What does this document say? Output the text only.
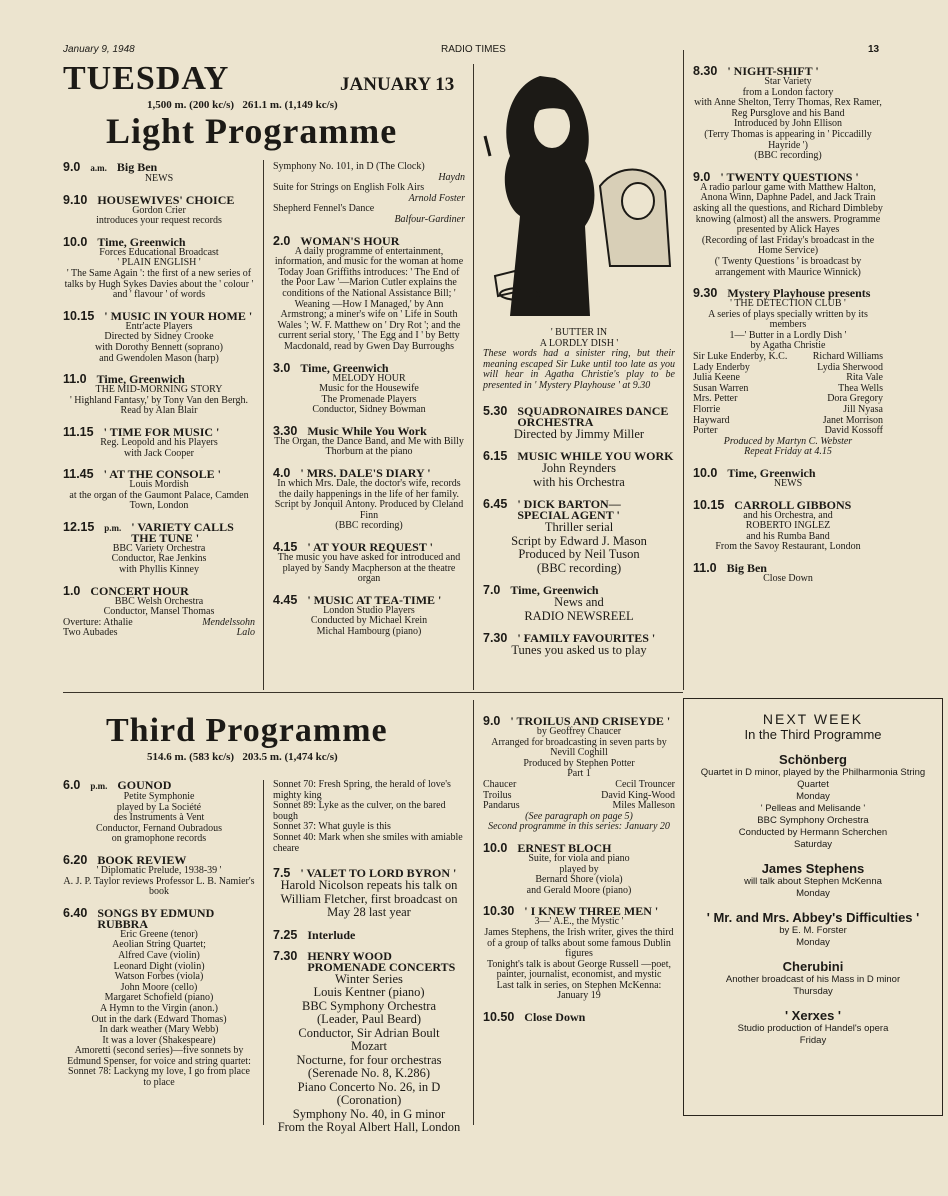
January 9, 1948	RADIO TIMES	13
TUESDAY	JANUARY 13
1,500 m. (200 kc/s)   261.1 m. (1,149 kc/s)
Light Programme
9.0 a.m. Big Ben
NEWS
9.10 HOUSEWIVES' CHOICE
Gordon Crier
introduces your request records
10.0 Time, Greenwich
Forces Educational Broadcast
' PLAIN ENGLISH '
' The Same Again ': the first of a new series of talks by Hugh Sykes Davies about the ' colour ' and ' flavour ' of words
10.15 ' MUSIC IN YOUR HOME '
Entr'acte Players
Directed by Sidney Crooke
with Dorothy Bennett (soprano)
and Gwendolen Mason (harp)
11.0 Time, Greenwich
THE MID-MORNING STORY
' Highland Fantasy,' by Tony Van den Bergh. Read by Alan Blair
11.15 ' TIME FOR MUSIC '
Reg. Leopold and his Players
with Jack Cooper
11.45 ' AT THE CONSOLE '
Louis Mordish
at the organ of the Gaumont Palace, Camden Town, London
12.15 p.m. ' VARIETY CALLS THE TUNE '
BBC Variety Orchestra
Conductor, Rae Jenkins
with Phyllis Kinney
1.0 CONCERT HOUR
BBC Welsh Orchestra
Conductor, Mansel Thomas
Overture: Athalie	Mendelssohn
Two Aubades	Lalo
Symphony No. 101, in D (The Clock)
Haydn
Suite for Strings on English Folk Airs
Arnold Foster
Shepherd Fennel's Dance
Balfour-Gardiner
2.0 WOMAN'S HOUR
A daily programme of entertainment, information, and music for the woman at home
Today Joan Griffiths introduces: ' The End of the Poor Law '—Marion Cutler explains the conditions of the National Assistance Bill; ' Weaning —How I Managed,' by Ann Armstrong; a miner's wife on ' Life in South Wales '; W. F. Matthew on ' Dry Rot '; and the current serial story, ' The Egg and I ' by Betty Macdonald, read by Gwen Day Burroughs
3.0 Time, Greenwich
MELODY HOUR
Music for the Housewife
The Promenade Players
Conductor, Sidney Bowman
3.30 Music While You Work
The Organ, the Dance Band, and Me with Billy Thorburn at the piano
4.0 ' MRS. DALE'S DIARY '
In which Mrs. Dale, the doctor's wife, records the daily happenings in the life of her family. Script by Jonquil Antony. Produced by Cleland Finn
(BBC recording)
4.15 ' AT YOUR REQUEST '
The music you have asked for introduced and played by Sandy Macpherson at the theatre organ
4.45 ' MUSIC AT TEA-TIME '
London Studio Players
Conducted by Michael Krein
Michal Hambourg (piano)
' BUTTER IN
A LORDLY DISH '
These words had a sinister ring, but their meaning escaped Sir Luke until too late as you will hear in Agatha Christie's play to be presented in ' Mystery Playhouse ' at 9.30
5.30 SQUADRONAIRES DANCE ORCHESTRA
Directed by Jimmy Miller
6.15 MUSIC WHILE YOU WORK
John Reynders
with his Orchestra
6.45 ' DICK BARTON— SPECIAL AGENT '
Thriller serial
Script by Edward J. Mason
Produced by Neil Tuson
(BBC recording)
7.0 Time, Greenwich
News and
RADIO NEWSREEL
7.30 ' FAMILY FAVOURITES '
Tunes you asked us to play
8.30 ' NIGHT-SHIFT '
Star Variety
from a London factory
with Anne Shelton, Terry Thomas, Rex Ramer, Reg Pursglove and his Band
Introduced by John Ellison
(Terry Thomas is appearing in ' Piccadilly Hayride ')
(BBC recording)
9.0 ' TWENTY QUESTIONS '
A radio parlour game with Matthew Halton, Anona Winn, Daphne Padel, and Jack Train asking all the questions, and Richard Dimbleby knowing (almost) all the answers. Programme presented by Alick Hayes
(Recording of last Friday's broadcast in the Home Service)
(' Twenty Questions ' is broadcast by arrangement with Maurice Winnick)
9.30 Mystery Playhouse presents
' THE DETECTION CLUB '
A series of plays specially written by its members
1—' Butter in a Lordly Dish '
by Agatha Christie
Sir Luke Enderby, K.C.	Richard Williams
Lady Enderby	Lydia Sherwood
Julia Keene	Rita Vale
Susan Warren	Thea Wells
Mrs. Petter	Dora Gregory
Florrie	Jill Nyasa
Hayward	Janet Morrison
Porter	David Kossoff
Produced by Martyn C. Webster
Repeat Friday at 4.15
10.0 Time, Greenwich
NEWS
10.15 CARROLL GIBBONS
and his Orchestra, and
ROBERTO INGLEZ
and his Rumba Band
From the Savoy Restaurant, London
11.0 Big Ben
Close Down
Third Programme
514.6 m. (583 kc/s)   203.5 m. (1,474 kc/s)
6.0 p.m. GOUNOD
Petite Symphonie
played by La Société
des Instruments à Vent
Conductor, Fernand Oubradous
on gramophone records
6.20 BOOK REVIEW
' Diplomatic Prelude, 1938-39 '
A. J. P. Taylor reviews Professor L. B. Namier's book
6.40 SONGS BY EDMUND RUBBRA
Eric Greene (tenor)
Aeolian String Quartet;
Alfred Cave (violin)
Leonard Dight (violin)
Watson Forbes (viola)
John Moore (cello)
Margaret Schofield (piano)
A Hymn to the Virgin (anon.)
Out in the dark (Edward Thomas)
In dark weather (Mary Webb)
It was a lover (Shakespeare)
Amoretti (second series)—five sonnets by Edmund Spenser, for voice and string quartet:
Sonnet 78: Lackyng my love, I go from place to place
Sonnet 70: Fresh Spring, the herald of love's mighty king
Sonnet 89: Lyke as the culver, on the bared bough
Sonnet 37: What guyle is this
Sonnet 40: Mark when she smiles with amiable cheare
7.5 ' VALET TO LORD BYRON '
Harold Nicolson repeats his talk on William Fletcher, first broadcast on May 28 last year
7.25 Interlude
7.30 HENRY WOOD PROMENADE CONCERTS
Winter Series
Louis Kentner (piano)
BBC Symphony Orchestra
(Leader, Paul Beard)
Conductor, Sir Adrian Boult
Mozart
Nocturne, for four orchestras (Serenade No. 8, K.286)
Piano Concerto No. 26, in D (Coronation)
Symphony No. 40, in G minor
From the Royal Albert Hall, London
9.0 ' TROILUS AND CRISEYDE '
by Geoffrey Chaucer
Arranged for broadcasting in seven parts by Nevill Coghill
Produced by Stephen Potter
Part 1
Chaucer	Cecil Trouncer
Troilus	David King-Wood
Pandarus	Miles Malleson
(See paragraph on page 5)
Second programme in this series: January 20
10.0 ERNEST BLOCH
Suite, for viola and piano
played by
Bernard Shore (viola)
and Gerald Moore (piano)
10.30 ' I KNEW THREE MEN '
3—' A.E., the Mystic '
James Stephens, the Irish writer, gives the third of a group of talks about some famous Dublin figures
Tonight's talk is about George Russell —poet, painter, journalist, economist, and mystic
Last talk in series, on Stephen McKenna: January 19
10.50 Close Down
NEXT WEEK
In the Third Programme
Schönberg
Quartet in D minor, played by the Philharmonia String Quartet
Monday
' Pelleas and Melisande '
BBC Symphony Orchestra
Conducted by Hermann Scherchen
Saturday
James Stephens
will talk about Stephen McKenna
Monday
' Mr. and Mrs. Abbey's Difficulties '
by E. M. Forster
Monday
Cherubini
Another broadcast of his Mass in D minor
Thursday
' Xerxes '
Studio production of Handel's opera
Friday
